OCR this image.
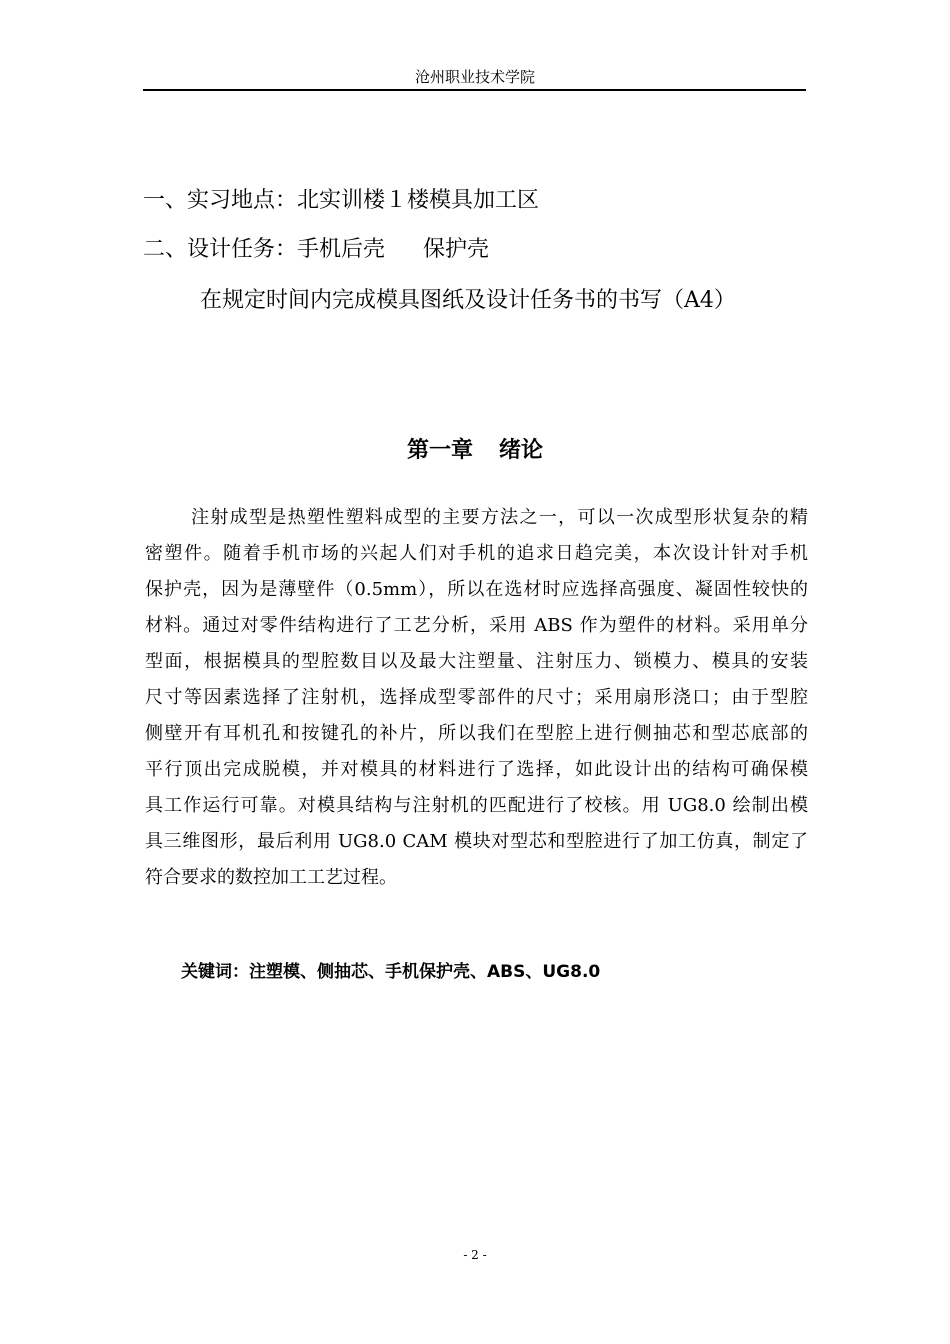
沧州职业技术学院
一、实习地点：北实训楼１楼模具加工区
二、设计任务：手机后壳 保护壳
在规定时间内完成模具图纸及设计任务书的书写（A4）
第一章 绪论
注射成型是热塑性塑料成型的主要方法之一，可以一次成型形状复杂的精
密塑件。随着手机市场的兴起人们对手机的追求日趋完美，本次设计针对手机
保护壳，因为是薄壁件（0.5mm），所以在选材时应选择高强度、凝固性较快的
材料。通过对零件结构进行了工艺分析，采用 ABS 作为塑件的材料。采用单分
型面，根据模具的型腔数目以及最大注塑量、注射压力、锁模力、模具的安装
尺寸等因素选择了注射机，选择成型零部件的尺寸；采用扇形浇口；由于型腔
侧壁开有耳机孔和按键孔的补片，所以我们在型腔上进行侧抽芯和型芯底部的
平行顶出完成脱模，并对模具的材料进行了选择，如此设计出的结构可确保模
具工作运行可靠。对模具结构与注射机的匹配进行了校核。用 UG8.0 绘制出模
具三维图形，最后利用 UG8.0 CAM 模块对型芯和型腔进行了加工仿真，制定了
符合要求的数控加工工艺过程。
关键词：注塑模、侧抽芯、手机保护壳、ABS、UG8.0
- 2 -
